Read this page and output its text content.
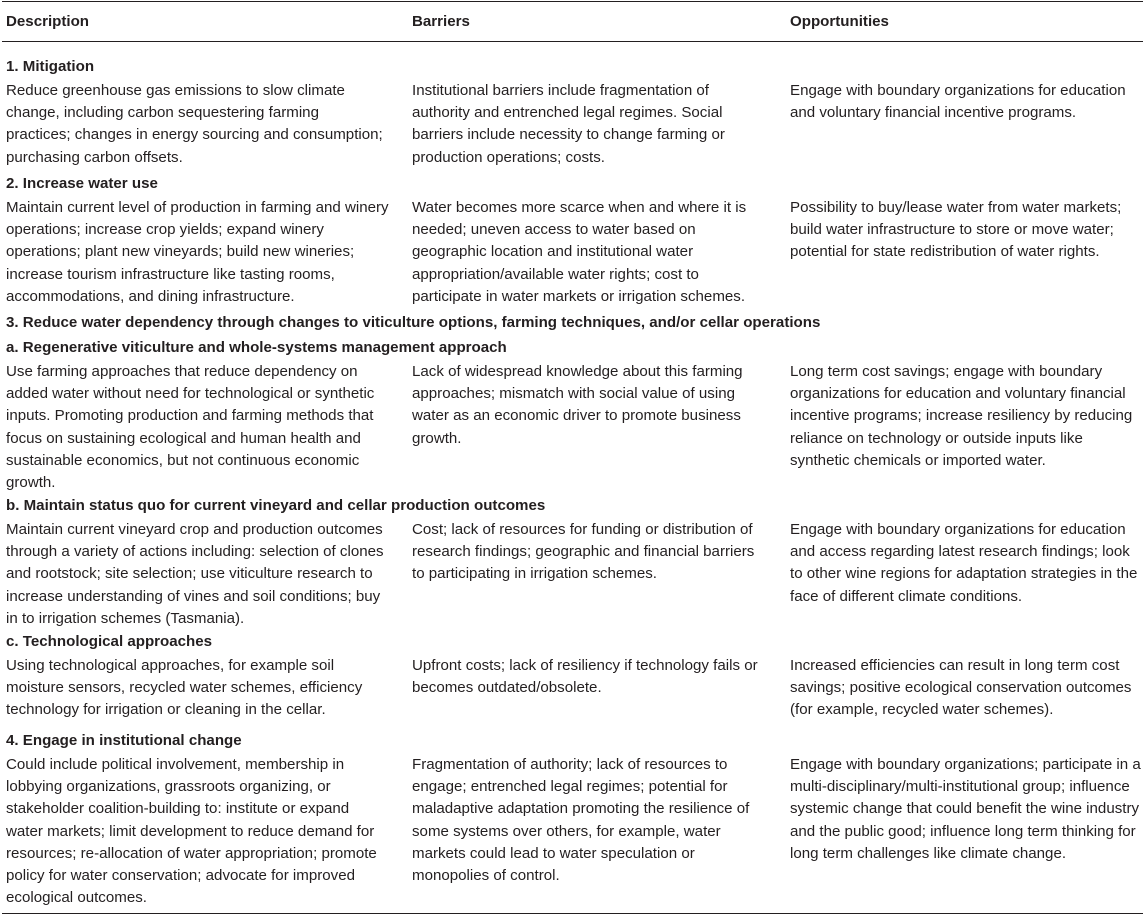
Description	Barriers	Opportunities
1. Mitigation
Reduce greenhouse gas emissions to slow climate
change, including carbon sequestering farming
practices; changes in energy sourcing and consumption;
purchasing carbon offsets.
Institutional barriers include fragmentation of
authority and entrenched legal regimes. Social
barriers include necessity to change farming or
production operations; costs.
Engage with boundary organizations for education
and voluntary financial incentive programs.
2. Increase water use
Maintain current level of production in farming and winery
operations; increase crop yields; expand winery
operations; plant new vineyards; build new wineries;
increase tourism infrastructure like tasting rooms,
accommodations, and dining infrastructure.
Water becomes more scarce when and where it is
needed; uneven access to water based on
geographic location and institutional water
appropriation/available water rights; cost to
participate in water markets or irrigation schemes.
Possibility to buy/lease water from water markets;
build water infrastructure to store or move water;
potential for state redistribution of water rights.
3. Reduce water dependency through changes to viticulture options, farming techniques, and/or cellar operations
a. Regenerative viticulture and whole-systems management approach
Use farming approaches that reduce dependency on
added water without need for technological or synthetic
inputs. Promoting production and farming methods that
focus on sustaining ecological and human health and
sustainable economics, but not continuous economic
growth.
Lack of widespread knowledge about this farming
approaches; mismatch with social value of using
water as an economic driver to promote business
growth.
Long term cost savings; engage with boundary
organizations for education and voluntary financial
incentive programs; increase resiliency by reducing
reliance on technology or outside inputs like
synthetic chemicals or imported water.
b. Maintain status quo for current vineyard and cellar production outcomes
Maintain current vineyard crop and production outcomes
through a variety of actions including: selection of clones
and rootstock; site selection; use viticulture research to
increase understanding of vines and soil conditions; buy
in to irrigation schemes (Tasmania).
Cost; lack of resources for funding or distribution of
research findings; geographic and financial barriers
to participating in irrigation schemes.
Engage with boundary organizations for education
and access regarding latest research findings; look
to other wine regions for adaptation strategies in the
face of different climate conditions.
c. Technological approaches
Using technological approaches, for example soil
moisture sensors, recycled water schemes, efficiency
technology for irrigation or cleaning in the cellar.
Upfront costs; lack of resiliency if technology fails or
becomes outdated/obsolete.
Increased efficiencies can result in long term cost
savings; positive ecological conservation outcomes
(for example, recycled water schemes).
4. Engage in institutional change
Could include political involvement, membership in
lobbying organizations, grassroots organizing, or
stakeholder coalition-building to: institute or expand
water markets; limit development to reduce demand for
resources; re-allocation of water appropriation; promote
policy for water conservation; advocate for improved
ecological outcomes.
Fragmentation of authority; lack of resources to
engage; entrenched legal regimes; potential for
maladaptive adaptation promoting the resilience of
some systems over others, for example, water
markets could lead to water speculation or
monopolies of control.
Engage with boundary organizations; participate in a
multi-disciplinary/multi-institutional group; influence
systemic change that could benefit the wine industry
and the public good; influence long term thinking for
long term challenges like climate change.
